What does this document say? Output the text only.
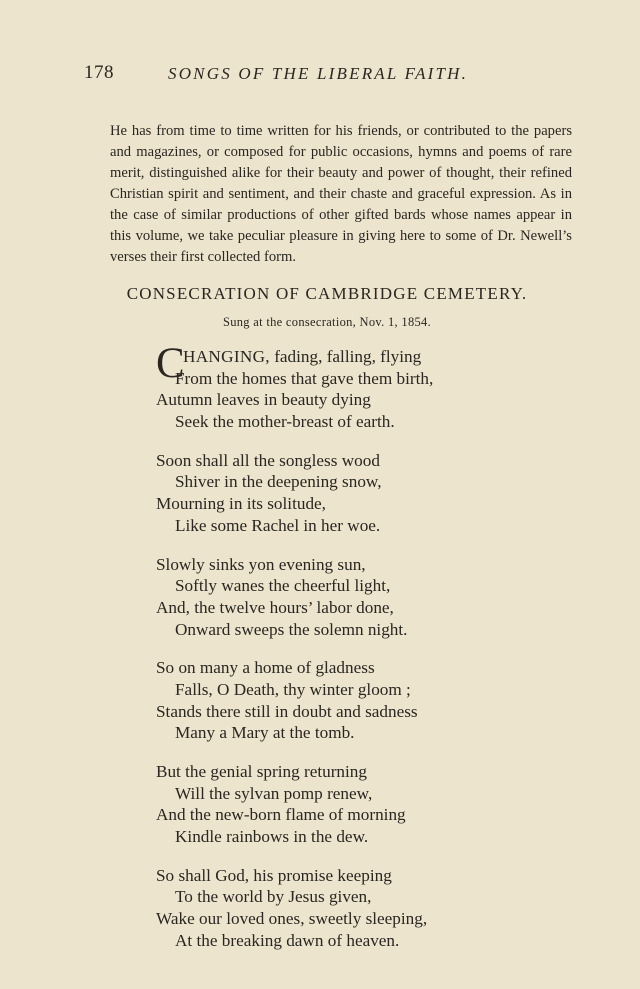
178	SONGS OF THE LIBERAL FAITH.

He has from time to time written for his friends, or contributed to the papers and magazines, or composed for public occasions, hymns and poems of rare merit, distinguished alike for their beauty and power of thought, their refined Christian spirit and sentiment, and their chaste and graceful expression. As in the case of similar productions of other gifted bards whose names appear in this volume, we take peculiar pleasure in giving here to some of Dr. Newell’s verses their first collected form.

CONSECRATION OF CAMBRIDGE CEMETERY.
Sung at the consecration, Nov. 1, 1854.
C
HANGING, fading, falling, flying
From the homes that gave them birth,
Autumn leaves in beauty dying
Seek the mother-breast of earth.
Soon shall all the songless wood
Shiver in the deepening snow,
Mourning in its solitude,
Like some Rachel in her woe.
Slowly sinks yon evening sun,
Softly wanes the cheerful light,
And, the twelve hours’ labor done,
Onward sweeps the solemn night.
So on many a home of gladness
Falls, O Death, thy winter gloom ;
Stands there still in doubt and sadness
Many a Mary at the tomb.
But the genial spring returning
Will the sylvan pomp renew,
And the new-born flame of morning
Kindle rainbows in the dew.
So shall God, his promise keeping
To the world by Jesus given,
Wake our loved ones, sweetly sleeping,
At the breaking dawn of heaven.
